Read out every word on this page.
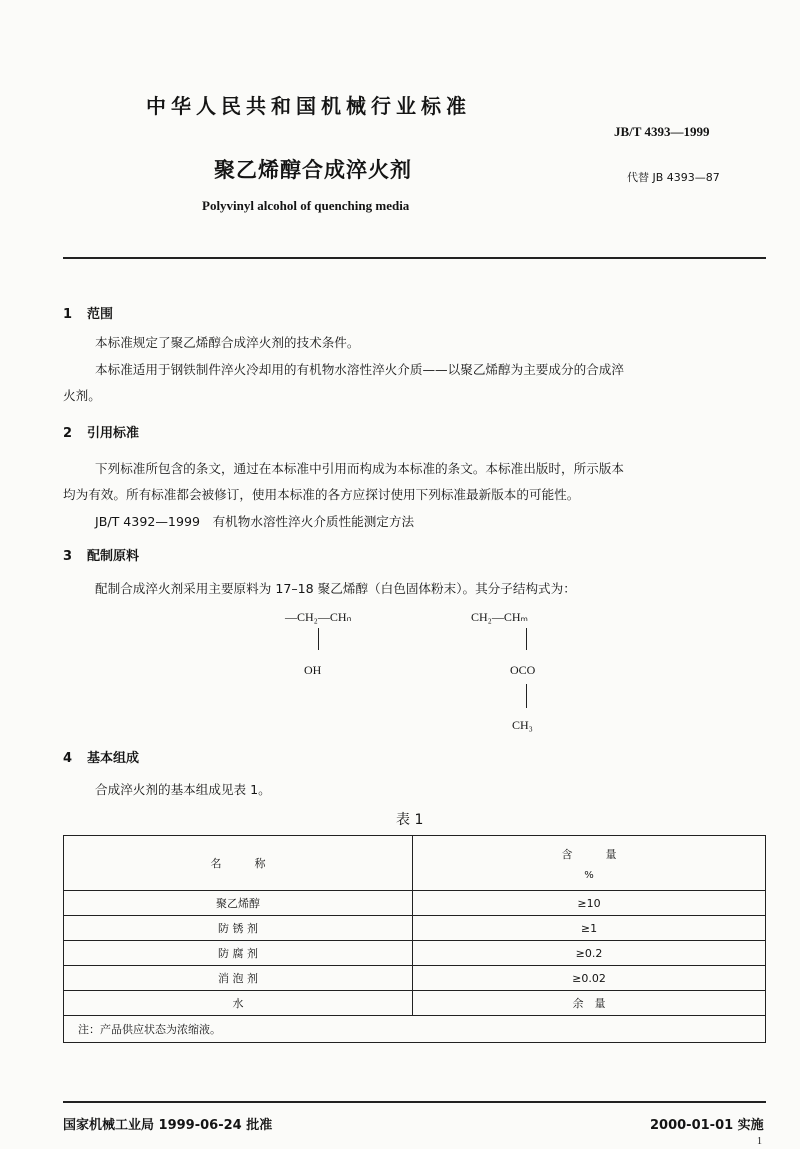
中华人民共和国机械行业标准
JB/T 4393—1999
聚乙烯醇合成淬火剂	代替 JB 4393—87
Polyvinyl alcohol of quenching media
1 范围
本标准规定了聚乙烯醇合成淬火剂的技术条件。
本标准适用于钢铁制件淬火冷却用的有机物水溶性淬火介质——以聚乙烯醇为主要成分的合成淬
火剂。
2 引用标准
下列标准所包含的条文，通过在本标准中引用而构成为本标准的条文。本标准出版时，所示版本
均为有效。所有标准都会被修订，使用本标准的各方应探讨使用下列标准最新版本的可能性。
JB/T 4392—1999　有机物水溶性淬火介质性能测定方法
3 配制原料
配制合成淬火剂采用主要原料为 17–18 聚乙烯醇（白色固体粉末）。其分子结构式为：
—CH₂—CHₙ
OH
CH₂—CHₘ
OCO
CH₃
4 基本组成
合成淬火剂的基本组成见表 1。
表 1
名　　　称	含　　　量
%

聚乙烯醇	≥10
防 锈 剂	≥1
防 腐 剂	≥0.2
消 泡 剂	≥0.02
水	余　量
注：产品供应状态为浓缩液。	
国家机械工业局 1999-06-24 批准	2000-01-01 实施
1
